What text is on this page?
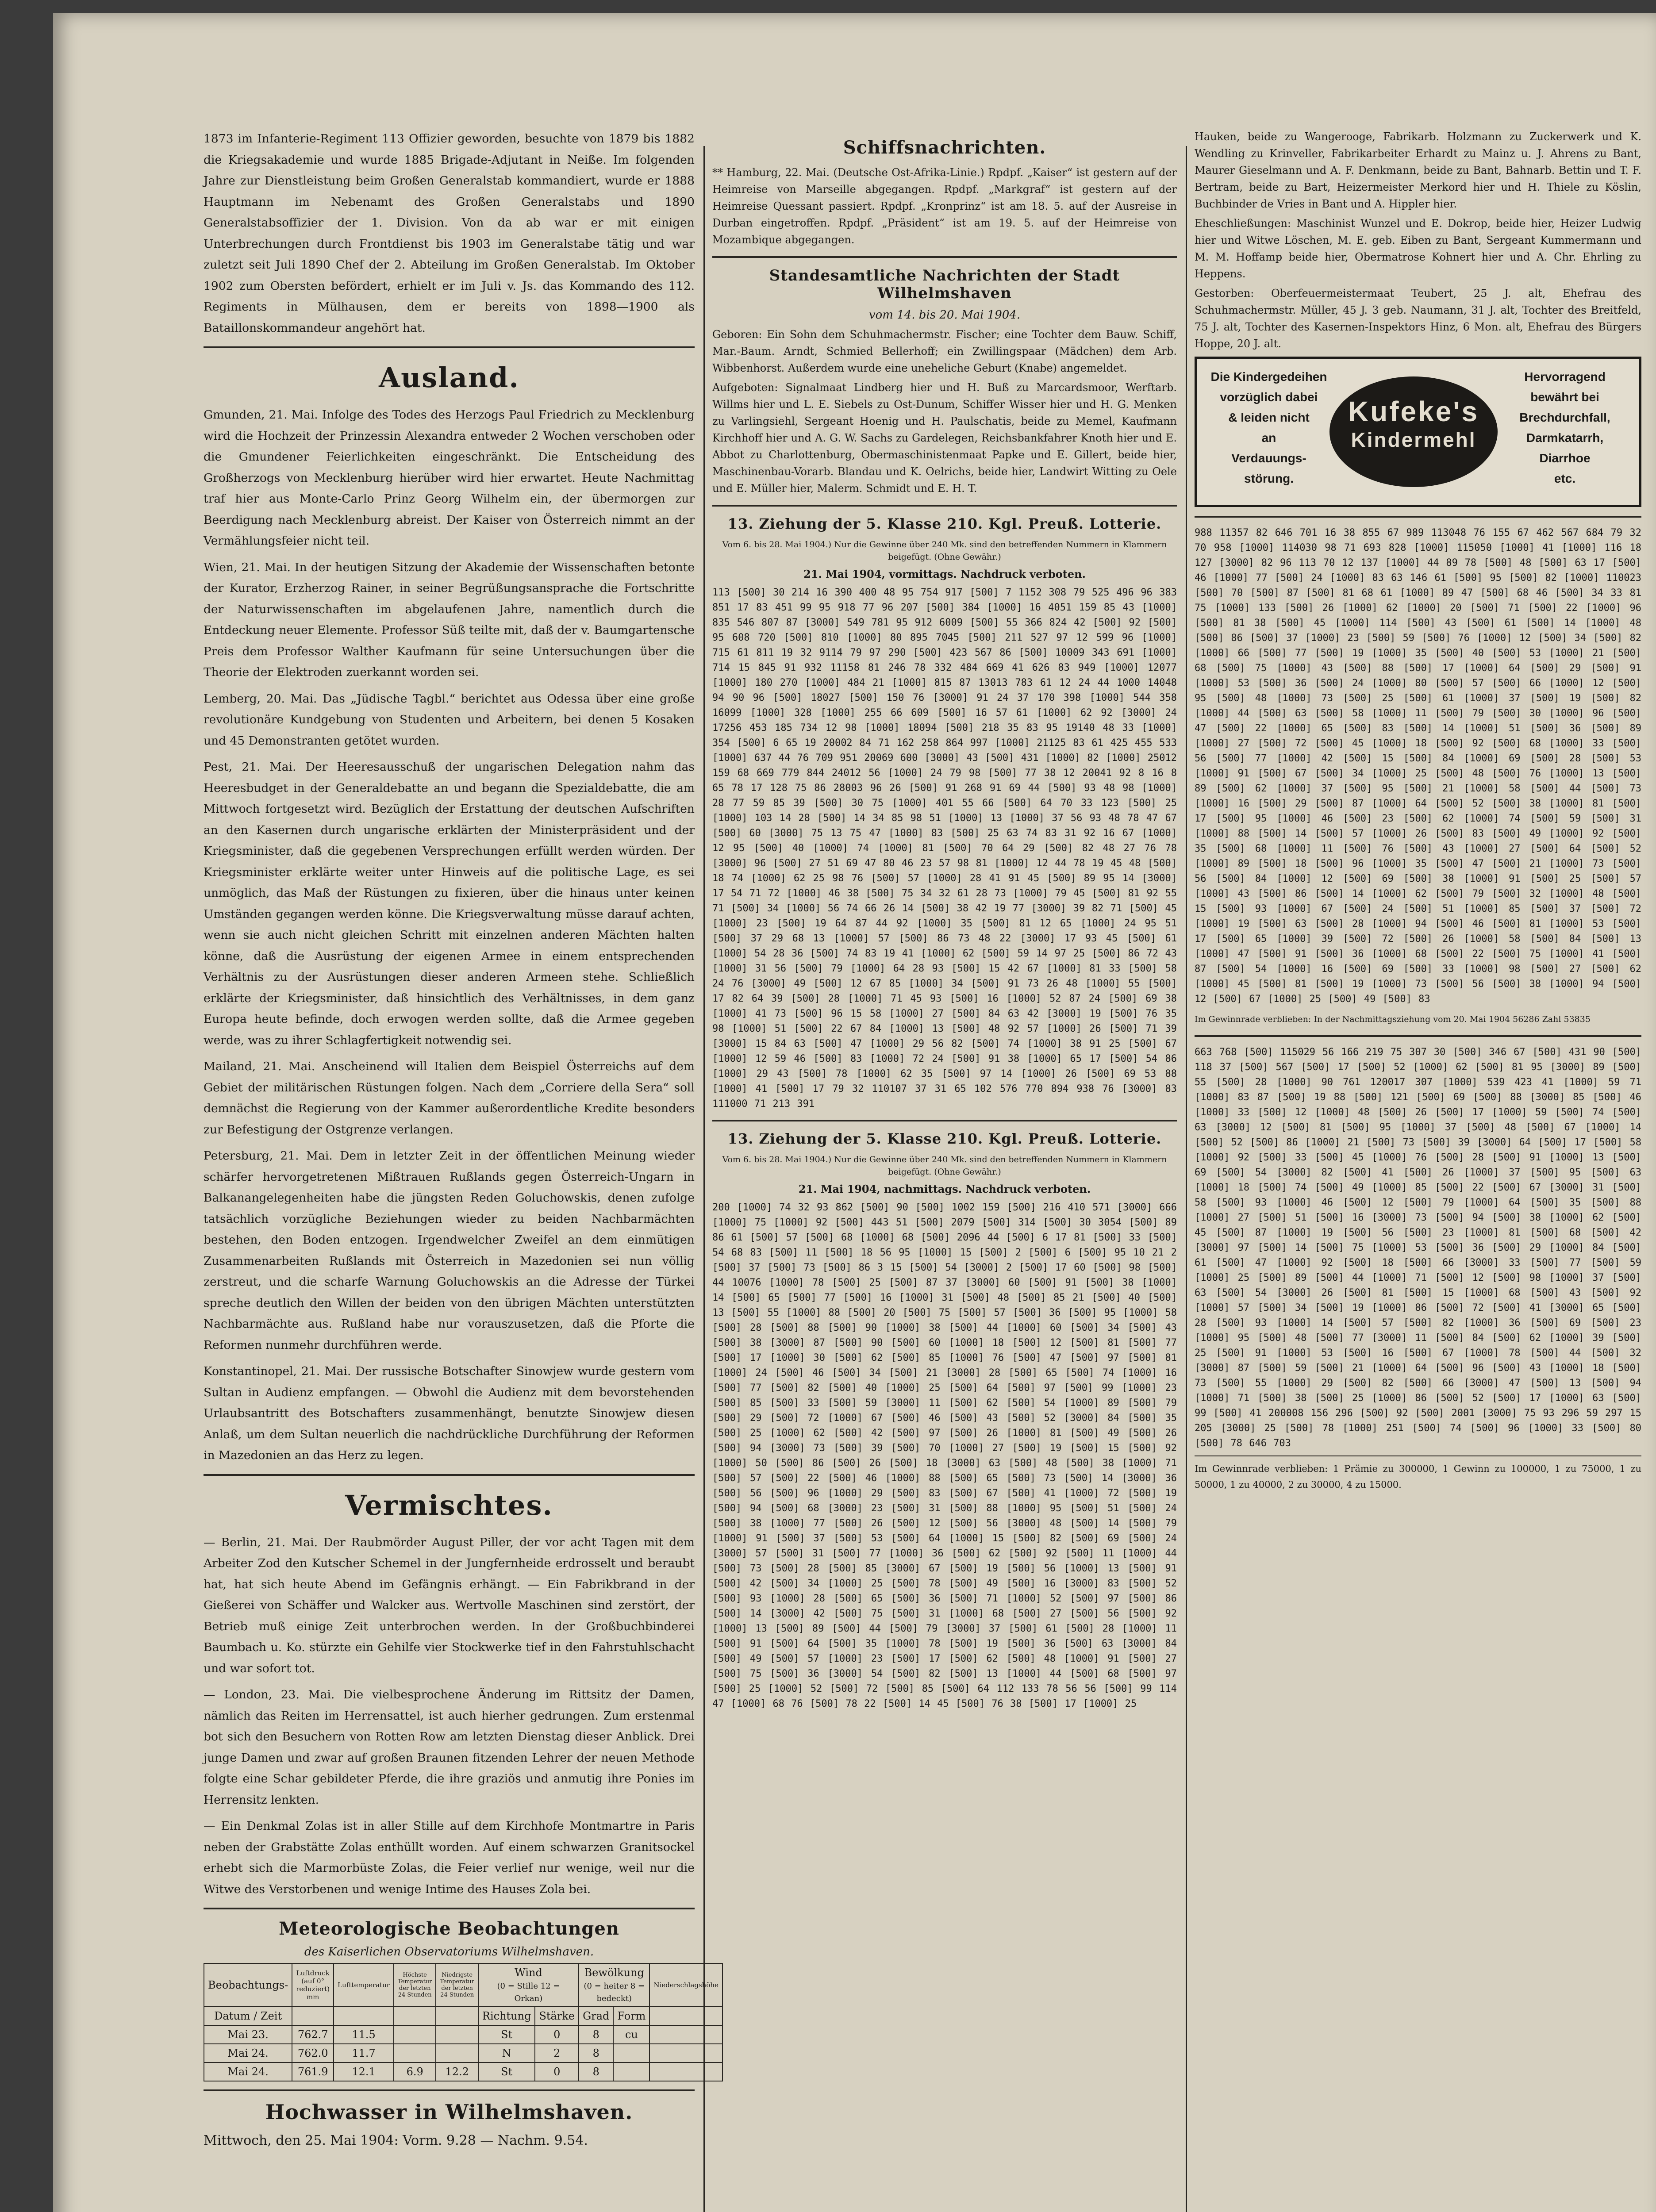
1873 im Infanterie-Regiment 113 Offizier geworden, besuchte von 1879 bis 1882 die Kriegsakademie und wurde 1885 Brigade-Adjutant in Neiße. Im folgenden Jahre zur Dienstleistung beim Großen Generalstab kommandiert, wurde er 1888 Hauptmann im Nebenamt des Großen Generalstabs und 1890 Generalstabsoffizier der 1. Division. Von da ab war er mit einigen Unterbrechungen durch Frontdienst bis 1903 im Generalstabe tätig und war zuletzt seit Juli 1890 Chef der 2. Abteilung im Großen Generalstab. Im Oktober 1902 zum Obersten befördert, erhielt er im Juli v. Js. das Kommando des 112. Regiments in Mülhausen, dem er bereits von 1898—1900 als Bataillonskommandeur angehört hat.

Ausland.

Gmunden, 21. Mai. Infolge des Todes des Herzogs Paul Friedrich zu Mecklenburg wird die Hochzeit der Prinzessin Alexandra entweder 2 Wochen verschoben oder die Gmundener Feierlichkeiten eingeschränkt. Die Entscheidung des Großherzogs von Mecklenburg hierüber wird hier erwartet. Heute Nachmittag traf hier aus Monte-Carlo Prinz Georg Wilhelm ein, der übermorgen zur Beerdigung nach Mecklenburg abreist. Der Kaiser von Österreich nimmt an der Vermählungsfeier nicht teil.

Wien, 21. Mai. In der heutigen Sitzung der Akademie der Wissenschaften betonte der Kurator, Erzherzog Rainer, in seiner Begrüßungsansprache die Fortschritte der Naturwissenschaften im abgelaufenen Jahre, namentlich durch die Entdeckung neuer Elemente. Professor Süß teilte mit, daß der v. Baumgartensche Preis dem Professor Walther Kaufmann für seine Untersuchungen über die Theorie der Elektroden zuerkannt worden sei.

Lemberg, 20. Mai. Das „Jüdische Tagbl.“ berichtet aus Odessa über eine große revolutionäre Kundgebung von Studenten und Arbeitern, bei denen 5 Kosaken und 45 Demonstranten getötet wurden.

Pest, 21. Mai. Der Heeresausschuß der ungarischen Delegation nahm das Heeresbudget in der Generaldebatte an und begann die Spezialdebatte, die am Mittwoch fortgesetzt wird. Bezüglich der Erstattung der deutschen Aufschriften an den Kasernen durch ungarische erklärten der Ministerpräsident und der Kriegsminister, daß die gegebenen Versprechungen erfüllt werden würden. Der Kriegsminister erklärte weiter unter Hinweis auf die politische Lage, es sei unmöglich, das Maß der Rüstungen zu fixieren, über die hinaus unter keinen Umständen gegangen werden könne. Die Kriegsverwaltung müsse darauf achten, wenn sie auch nicht gleichen Schritt mit einzelnen anderen Mächten halten könne, daß die Ausrüstung der eigenen Armee in einem entsprechenden Verhältnis zu der Ausrüstungen dieser anderen Armeen stehe. Schließlich erklärte der Kriegsminister, daß hinsichtlich des Verhältnisses, in dem ganz Europa heute befinde, doch erwogen werden sollte, daß die Armee gegeben werde, was zu ihrer Schlagfertigkeit notwendig sei.

Mailand, 21. Mai. Anscheinend will Italien dem Beispiel Österreichs auf dem Gebiet der militärischen Rüstungen folgen. Nach dem „Corriere della Sera“ soll demnächst die Regierung von der Kammer außerordentliche Kredite besonders zur Befestigung der Ostgrenze verlangen.

Petersburg, 21. Mai. Dem in letzter Zeit in der öffentlichen Meinung wieder schärfer hervorgetretenen Mißtrauen Rußlands gegen Österreich-Ungarn in Balkanangelegenheiten habe die jüngsten Reden Goluchowskis, denen zufolge tatsächlich vorzügliche Beziehungen wieder zu beiden Nachbarmächten bestehen, den Boden entzogen. Irgendwelcher Zweifel an dem einmütigen Zusammenarbeiten Rußlands mit Österreich in Mazedonien sei nun völlig zerstreut, und die scharfe Warnung Goluchowskis an die Adresse der Türkei spreche deutlich den Willen der beiden von den übrigen Mächten unterstützten Nachbarmächte aus. Rußland habe nur vorauszusetzen, daß die Pforte die Reformen nunmehr durchführen werde.

Konstantinopel, 21. Mai. Der russische Botschafter Sinowjew wurde gestern vom Sultan in Audienz empfangen. — Obwohl die Audienz mit dem bevorstehenden Urlaubsantritt des Botschafters zusammenhängt, benutzte Sinowjew diesen Anlaß, um dem Sultan neuerlich die nachdrückliche Durchführung der Reformen in Mazedonien an das Herz zu legen.

Vermischtes.

— Berlin, 21. Mai. Der Raubmörder August Piller, der vor acht Tagen mit dem Arbeiter Zod den Kutscher Schemel in der Jungfernheide erdrosselt und beraubt hat, hat sich heute Abend im Gefängnis erhängt. — Ein Fabrikbrand in der Gießerei von Schäffer und Walcker aus. Wertvolle Maschinen sind zerstört, der Betrieb muß einige Zeit unterbrochen werden. In der Großbuchbinderei Baumbach u. Ko. stürzte ein Gehilfe vier Stockwerke tief in den Fahrstuhlschacht und war sofort tot.

— London, 23. Mai. Die vielbesprochene Änderung im Rittsitz der Damen, nämlich das Reiten im Herrensattel, ist auch hierher gedrungen. Zum erstenmal bot sich den Besuchern von Rotten Row am letzten Dienstag dieser Anblick. Drei junge Damen und zwar auf großen Braunen fitzenden Lehrer der neuen Methode folgte eine Schar gebildeter Pferde, die ihre graziös und anmutig ihre Ponies im Herrensitz lenkten.

— Ein Denkmal Zolas ist in aller Stille auf dem Kirchhofe Montmartre in Paris neben der Grabstätte Zolas enthüllt worden. Auf einem schwarzen Granitsockel erhebt sich die Marmorbüste Zolas, die Feier verlief nur wenige, weil nur die Witwe des Verstorbenen und wenige Intime des Hauses Zola bei.

Meteorologische Beobachtungen
des Kaiserlichen Observatoriums Wilhelmshaven.
Beobachtungs-	Luftdruck (auf 0° reduziert) mm	Lufttemperatur	Höchste Temperatur der letzten 24 Stunden	Niedrigste Temperatur der letzten 24 Stunden	Wind
(0 = Stille 12 = Orkan)		Bewölkung
(0 = heiter 8 = bedeckt)		Niederschlagshöhe
Datum / Zeit					Richtung	Stärke	Grad	Form	
Mai 23.	762.7	11.5			St	0	8	cu	
Mai 24.	762.0	11.7			N	2	8		
Mai 24.	761.9	12.1	6.9	12.2	St	0	8		
Hochwasser in Wilhelmshaven.

Mittwoch, den 25. Mai 1904: Vorm. 9.28 — Nachm. 9.54.

Schiffsnachrichten.

** Hamburg, 22. Mai. (Deutsche Ost-Afrika-Linie.) Rpdpf. „Kaiser“ ist gestern auf der Heimreise von Marseille abgegangen. Rpdpf. „Markgraf“ ist gestern auf der Heimreise Quessant passiert. Rpdpf. „Kronprinz“ ist am 18. 5. auf der Ausreise in Durban eingetroffen. Rpdpf. „Präsident“ ist am 19. 5. auf der Heimreise von Mozambique abgegangen.

Standesamtliche Nachrichten der Stadt Wilhelmshaven
vom 14. bis 20. Mai 1904.

Geboren: Ein Sohn dem Schuhmachermstr. Fischer; eine Tochter dem Bauw. Schiff, Mar.-Baum. Arndt, Schmied Bellerhoff; ein Zwillingspaar (Mädchen) dem Arb. Wibbenhorst. Außerdem wurde eine uneheliche Geburt (Knabe) angemeldet.

Aufgeboten: Signalmaat Lindberg hier und H. Buß zu Marcardsmoor, Werftarb. Willms hier und L. E. Siebels zu Ost-Dunum, Schiffer Wisser hier und H. G. Menken zu Varlingsiehl, Sergeant Hoenig und H. Paulschatis, beide zu Memel, Kaufmann Kirchhoff hier und A. G. W. Sachs zu Gardelegen, Reichsbankfahrer Knoth hier und E. Abbot zu Charlottenburg, Obermaschinistenmaat Papke und E. Gillert, beide hier, Maschinenbau-Vorarb. Blandau und K. Oelrichs, beide hier, Landwirt Witting zu Oele und E. Müller hier, Malerm. Schmidt und E. H. T.

13. Ziehung der 5. Klasse 210. Kgl. Preuß. Lotterie.

Vom 6. bis 28. Mai 1904.) Nur die Gewinne über 240 Mk. sind den betreffenden Nummern in Klammern beigefügt. (Ohne Gewähr.)

21. Mai 1904, vormittags. Nachdruck verboten.

113 [500] 30 214 16 390 400 48 95 754 917 [500] 7 1152 308 79 525 496 96 383 851 17 83 451 99 95 918 77 96 207 [500] 384 [1000] 16 4051 159 85 43 [1000] 835 546 807 87 [3000] 549 781 95 912 6009 [500] 55 366 824 42 [500] 92 [500] 95 608 720 [500] 810 [1000] 80 895 7045 [500] 211 527 97 12 599 96 [1000] 715 61 811 19 32 9114 79 97 290 [500] 423 567 86 [500] 10009 343 691 [1000] 714 15 845 91 932 11158 81 246 78 332 484 669 41 626 83 949 [1000] 12077 [1000] 180 270 [1000] 484 21 [1000] 815 87 13013 783 61 12 24 44 1000 14048 94 90 96 [500] 18027 [500] 150 76 [3000] 91 24 37 170 398 [1000] 544 358 16099 [1000] 328 [1000] 255 66 609 [500] 16 57 61 [1000] 62 92 [3000] 24 17256 453 185 734 12 98 [1000] 18094 [500] 218 35 83 95 19140 48 33 [1000] 354 [500] 6 65 19 20002 84 71 162 258 864 997 [1000] 21125 83 61 425 455 533 [1000] 637 44 76 709 951 20069 600 [3000] 43 [500] 431 [1000] 82 [1000] 25012 159 68 669 779 844 24012 56 [1000] 24 79 98 [500] 77 38 12 20041 92 8 16 8 65 78 17 128 75 86 28003 96 26 [500] 91 268 91 69 44 [500] 93 48 98 [1000] 28 77 59 85 39 [500] 30 75 [1000] 401 55 66 [500] 64 70 33 123 [500] 25 [1000] 103 14 28 [500] 14 34 85 98 51 [1000] 13 [1000] 37 56 93 48 78 47 67 [500] 60 [3000] 75 13 75 47 [1000] 83 [500] 25 63 74 83 31 92 16 67 [1000] 12 95 [500] 40 [1000] 74 [1000] 81 [500] 70 64 29 [500] 82 48 27 76 78 [3000] 96 [500] 27 51 69 47 80 46 23 57 98 81 [1000] 12 44 78 19 45 48 [500] 18 74 [1000] 62 25 98 76 [500] 57 [1000] 28 41 91 45 [500] 89 95 14 [3000] 17 54 71 72 [1000] 46 38 [500] 75 34 32 61 28 73 [1000] 79 45 [500] 81 92 55 71 [500] 34 [1000] 56 74 66 26 14 [500] 38 42 19 77 [3000] 39 82 71 [500] 45 [1000] 23 [500] 19 64 87 44 92 [1000] 35 [500] 81 12 65 [1000] 24 95 51 [500] 37 29 68 13 [1000] 57 [500] 86 73 48 22 [3000] 17 93 45 [500] 61 [1000] 54 28 36 [500] 74 83 19 41 [1000] 62 [500] 59 14 97 25 [500] 86 72 43 [1000] 31 56 [500] 79 [1000] 64 28 93 [500] 15 42 67 [1000] 81 33 [500] 58 24 76 [3000] 49 [500] 12 67 85 [1000] 34 [500] 91 73 26 48 [1000] 55 [500] 17 82 64 39 [500] 28 [1000] 71 45 93 [500] 16 [1000] 52 87 24 [500] 69 38 [1000] 41 73 [500] 96 15 58 [1000] 27 [500] 84 63 42 [3000] 19 [500] 76 35 98 [1000] 51 [500] 22 67 84 [1000] 13 [500] 48 92 57 [1000] 26 [500] 71 39 [3000] 15 84 63 [500] 47 [1000] 29 56 82 [500] 74 [1000] 38 91 25 [500] 67 [1000] 12 59 46 [500] 83 [1000] 72 24 [500] 91 38 [1000] 65 17 [500] 54 86 [1000] 29 43 [500] 78 [1000] 62 35 [500] 97 14 [1000] 26 [500] 69 53 88 [1000] 41 [500] 17 79 32 110107 37 31 65 102 576 770 894 938 76 [3000] 83 111000 71 213 391

13. Ziehung der 5. Klasse 210. Kgl. Preuß. Lotterie.

Vom 6. bis 28. Mai 1904.) Nur die Gewinne über 240 Mk. sind den betreffenden Nummern in Klammern beigefügt. (Ohne Gewähr.)

21. Mai 1904, nachmittags. Nachdruck verboten.

200 [1000] 74 32 93 862 [500] 90 [500] 1002 159 [500] 216 410 571 [3000] 666 [1000] 75 [1000] 92 [500] 443 51 [500] 2079 [500] 314 [500] 30 3054 [500] 89 86 61 [500] 57 [500] 68 [1000] 68 [500] 2096 44 [500] 6 17 81 [500] 33 [500] 54 68 83 [500] 11 [500] 18 56 95 [1000] 15 [500] 2 [500] 6 [500] 95 10 21 2 [500] 37 [500] 73 [500] 86 3 15 [500] 54 [3000] 2 [500] 17 60 [500] 98 [500] 44 10076 [1000] 78 [500] 25 [500] 87 37 [3000] 60 [500] 91 [500] 38 [1000] 14 [500] 65 [500] 77 [500] 16 [1000] 31 [500] 48 [500] 85 21 [500] 40 [500] 13 [500] 55 [1000] 88 [500] 20 [500] 75 [500] 57 [500] 36 [500] 95 [1000] 58 [500] 28 [500] 88 [500] 90 [1000] 38 [500] 44 [1000] 60 [500] 34 [500] 43 [500] 38 [3000] 87 [500] 90 [500] 60 [1000] 18 [500] 12 [500] 81 [500] 77 [500] 17 [1000] 30 [500] 62 [500] 85 [1000] 76 [500] 47 [500] 97 [500] 81 [1000] 24 [500] 46 [500] 34 [500] 21 [3000] 28 [500] 65 [500] 74 [1000] 16 [500] 77 [500] 82 [500] 40 [1000] 25 [500] 64 [500] 97 [500] 99 [1000] 23 [500] 85 [500] 33 [500] 59 [3000] 11 [500] 62 [500] 54 [1000] 89 [500] 79 [500] 29 [500] 72 [1000] 67 [500] 46 [500] 43 [500] 52 [3000] 84 [500] 35 [500] 25 [1000] 62 [500] 42 [500] 97 [500] 26 [1000] 81 [500] 49 [500] 26 [500] 94 [3000] 73 [500] 39 [500] 70 [1000] 27 [500] 19 [500] 15 [500] 92 [1000] 50 [500] 86 [500] 26 [500] 18 [3000] 63 [500] 48 [500] 38 [1000] 71 [500] 57 [500] 22 [500] 46 [1000] 88 [500] 65 [500] 73 [500] 14 [3000] 36 [500] 56 [500] 96 [1000] 29 [500] 83 [500] 67 [500] 41 [1000] 72 [500] 19 [500] 94 [500] 68 [3000] 23 [500] 31 [500] 88 [1000] 95 [500] 51 [500] 24 [500] 38 [1000] 77 [500] 26 [500] 12 [500] 56 [3000] 48 [500] 14 [500] 79 [1000] 91 [500] 37 [500] 53 [500] 64 [1000] 15 [500] 82 [500] 69 [500] 24 [3000] 57 [500] 31 [500] 77 [1000] 36 [500] 62 [500] 92 [500] 11 [1000] 44 [500] 73 [500] 28 [500] 85 [3000] 67 [500] 19 [500] 56 [1000] 13 [500] 91 [500] 42 [500] 34 [1000] 25 [500] 78 [500] 49 [500] 16 [3000] 83 [500] 52 [500] 93 [1000] 28 [500] 65 [500] 36 [500] 71 [1000] 52 [500] 97 [500] 86 [500] 14 [3000] 42 [500] 75 [500] 31 [1000] 68 [500] 27 [500] 56 [500] 92 [1000] 13 [500] 89 [500] 44 [500] 79 [3000] 37 [500] 61 [500] 28 [1000] 11 [500] 91 [500] 64 [500] 35 [1000] 78 [500] 19 [500] 36 [500] 63 [3000] 84 [500] 49 [500] 57 [1000] 23 [500] 17 [500] 62 [500] 48 [1000] 91 [500] 27 [500] 75 [500] 36 [3000] 54 [500] 82 [500] 13 [1000] 44 [500] 68 [500] 97 [500] 25 [1000] 52 [500] 72 [500] 85 [500] 64 112 133 78 56 56 [500] 99 114 47 [1000] 68 76 [500] 78 22 [500] 14 45 [500] 76 38 [500] 17 [1000] 25

Hauken, beide zu Wangerooge, Fabrikarb. Holzmann zu Zuckerwerk und K. Wendling zu Krinveller, Fabrikarbeiter Erhardt zu Mainz u. J. Ahrens zu Bant, Maurer Gieselmann und A. F. Denkmann, beide zu Bant, Bahnarb. Bettin und T. F. Bertram, beide zu Bart, Heizermeister Merkord hier und H. Thiele zu Köslin, Buchbinder de Vries in Bant und A. Hippler hier.

Eheschließungen: Maschinist Wunzel und E. Dokrop, beide hier, Heizer Ludwig hier und Witwe Löschen, M. E. geb. Eiben zu Bant, Sergeant Kummermann und M. M. Hoffamp beide hier, Obermatrose Kohnert hier und A. Chr. Ehrling zu Heppens.

Gestorben: Oberfeuermeistermaat Teubert, 25 J. alt, Ehefrau des Schuhmachermstr. Müller, 45 J. 3 geb. Naumann, 31 J. alt, Tochter des Breitfeld, 75 J. alt, Tochter des Kasernen-Inspektors Hinz, 6 Mon. alt, Ehefrau des Bürgers Hoppe, 20 J. alt.

Die Kindergedeihen
vorzüglich dabei
& leiden nicht
an
Verdauungs-
störung.
Kufeke's
Kindermehl
Hervorragend
bewährt bei
Brechdurchfall,
Darmkatarrh,
Diarrhoe
etc.

988 11357 82 646 701 16 38 855 67 989 113048 76 155 67 462 567 684 79 32 70 958 [1000] 114030 98 71 693 828 [1000] 115050 [1000] 41 [1000] 116 18 127 [3000] 82 96 113 70 12 137 [1000] 44 89 78 [500] 48 [500] 63 17 [500] 46 [1000] 77 [500] 24 [1000] 83 63 146 61 [500] 95 [500] 82 [1000] 110023 [500] 70 [500] 87 [500] 81 68 61 [1000] 89 47 [500] 68 46 [500] 34 33 81 75 [1000] 133 [500] 26 [1000] 62 [1000] 20 [500] 71 [500] 22 [1000] 96 [500] 81 38 [500] 45 [1000] 114 [500] 43 [500] 61 [500] 14 [1000] 48 [500] 86 [500] 37 [1000] 23 [500] 59 [500] 76 [1000] 12 [500] 34 [500] 82 [1000] 66 [500] 77 [500] 19 [1000] 35 [500] 40 [500] 53 [1000] 21 [500] 68 [500] 75 [1000] 43 [500] 88 [500] 17 [1000] 64 [500] 29 [500] 91 [1000] 53 [500] 36 [500] 24 [1000] 80 [500] 57 [500] 66 [1000] 12 [500] 95 [500] 48 [1000] 73 [500] 25 [500] 61 [1000] 37 [500] 19 [500] 82 [1000] 44 [500] 63 [500] 58 [1000] 11 [500] 79 [500] 30 [1000] 96 [500] 47 [500] 22 [1000] 65 [500] 83 [500] 14 [1000] 51 [500] 36 [500] 89 [1000] 27 [500] 72 [500] 45 [1000] 18 [500] 92 [500] 68 [1000] 33 [500] 56 [500] 77 [1000] 42 [500] 15 [500] 84 [1000] 69 [500] 28 [500] 53 [1000] 91 [500] 67 [500] 34 [1000] 25 [500] 48 [500] 76 [1000] 13 [500] 89 [500] 62 [1000] 37 [500] 95 [500] 21 [1000] 58 [500] 44 [500] 73 [1000] 16 [500] 29 [500] 87 [1000] 64 [500] 52 [500] 38 [1000] 81 [500] 17 [500] 95 [1000] 46 [500] 23 [500] 62 [1000] 74 [500] 59 [500] 31 [1000] 88 [500] 14 [500] 57 [1000] 26 [500] 83 [500] 49 [1000] 92 [500] 35 [500] 68 [1000] 11 [500] 76 [500] 43 [1000] 27 [500] 64 [500] 52 [1000] 89 [500] 18 [500] 96 [1000] 35 [500] 47 [500] 21 [1000] 73 [500] 56 [500] 84 [1000] 12 [500] 69 [500] 38 [1000] 91 [500] 25 [500] 57 [1000] 43 [500] 86 [500] 14 [1000] 62 [500] 79 [500] 32 [1000] 48 [500] 15 [500] 93 [1000] 67 [500] 24 [500] 51 [1000] 85 [500] 37 [500] 72 [1000] 19 [500] 63 [500] 28 [1000] 94 [500] 46 [500] 81 [1000] 53 [500] 17 [500] 65 [1000] 39 [500] 72 [500] 26 [1000] 58 [500] 84 [500] 13 [1000] 47 [500] 91 [500] 36 [1000] 68 [500] 22 [500] 75 [1000] 41 [500] 87 [500] 54 [1000] 16 [500] 69 [500] 33 [1000] 98 [500] 27 [500] 62 [1000] 45 [500] 81 [500] 19 [1000] 73 [500] 56 [500] 38 [1000] 94 [500] 12 [500] 67 [1000] 25 [500] 49 [500] 83

Im Gewinnrade verblieben: In der Nachmittagsziehung vom 20. Mai 1904 56286 Zahl 53835

663 768 [500] 115029 56 166 219 75 307 30 [500] 346 67 [500] 431 90 [500] 118 37 [500] 567 [500] 17 [500] 52 [1000] 62 [500] 81 95 [3000] 89 [500] 55 [500] 28 [1000] 90 761 120017 307 [1000] 539 423 41 [1000] 59 71 [1000] 83 87 [500] 19 88 [500] 121 [500] 69 [500] 88 [3000] 85 [500] 46 [1000] 33 [500] 12 [1000] 48 [500] 26 [500] 17 [1000] 59 [500] 74 [500] 63 [3000] 12 [500] 81 [500] 95 [1000] 37 [500] 48 [500] 67 [1000] 14 [500] 52 [500] 86 [1000] 21 [500] 73 [500] 39 [3000] 64 [500] 17 [500] 58 [1000] 92 [500] 33 [500] 45 [1000] 76 [500] 28 [500] 91 [1000] 13 [500] 69 [500] 54 [3000] 82 [500] 41 [500] 26 [1000] 37 [500] 95 [500] 63 [1000] 18 [500] 74 [500] 49 [1000] 85 [500] 22 [500] 67 [3000] 31 [500] 58 [500] 93 [1000] 46 [500] 12 [500] 79 [1000] 64 [500] 35 [500] 88 [1000] 27 [500] 51 [500] 16 [3000] 73 [500] 94 [500] 38 [1000] 62 [500] 45 [500] 87 [1000] 19 [500] 56 [500] 23 [1000] 81 [500] 68 [500] 42 [3000] 97 [500] 14 [500] 75 [1000] 53 [500] 36 [500] 29 [1000] 84 [500] 61 [500] 47 [1000] 92 [500] 18 [500] 66 [3000] 33 [500] 77 [500] 59 [1000] 25 [500] 89 [500] 44 [1000] 71 [500] 12 [500] 98 [1000] 37 [500] 63 [500] 54 [3000] 26 [500] 81 [500] 15 [1000] 68 [500] 43 [500] 92 [1000] 57 [500] 34 [500] 19 [1000] 86 [500] 72 [500] 41 [3000] 65 [500] 28 [500] 93 [1000] 14 [500] 57 [500] 82 [1000] 36 [500] 69 [500] 23 [1000] 95 [500] 48 [500] 77 [3000] 11 [500] 84 [500] 62 [1000] 39 [500] 25 [500] 91 [1000] 53 [500] 16 [500] 67 [1000] 78 [500] 44 [500] 32 [3000] 87 [500] 59 [500] 21 [1000] 64 [500] 96 [500] 43 [1000] 18 [500] 73 [500] 55 [1000] 29 [500] 82 [500] 66 [3000] 47 [500] 13 [500] 94 [1000] 71 [500] 38 [500] 25 [1000] 86 [500] 52 [500] 17 [1000] 63 [500] 99 [500] 41 200008 156 296 [500] 92 [500] 2001 [3000] 75 93 296 59 297 15 205 [3000] 25 [500] 78 [1000] 251 [500] 74 [500] 96 [1000] 33 [500] 80 [500] 78 646 703

Im Gewinnrade verblieben: 1 Prämie zu 300000, 1 Gewinn zu 100000, 1 zu 75000, 1 zu 50000, 1 zu 40000, 2 zu 30000, 4 zu 15000.
